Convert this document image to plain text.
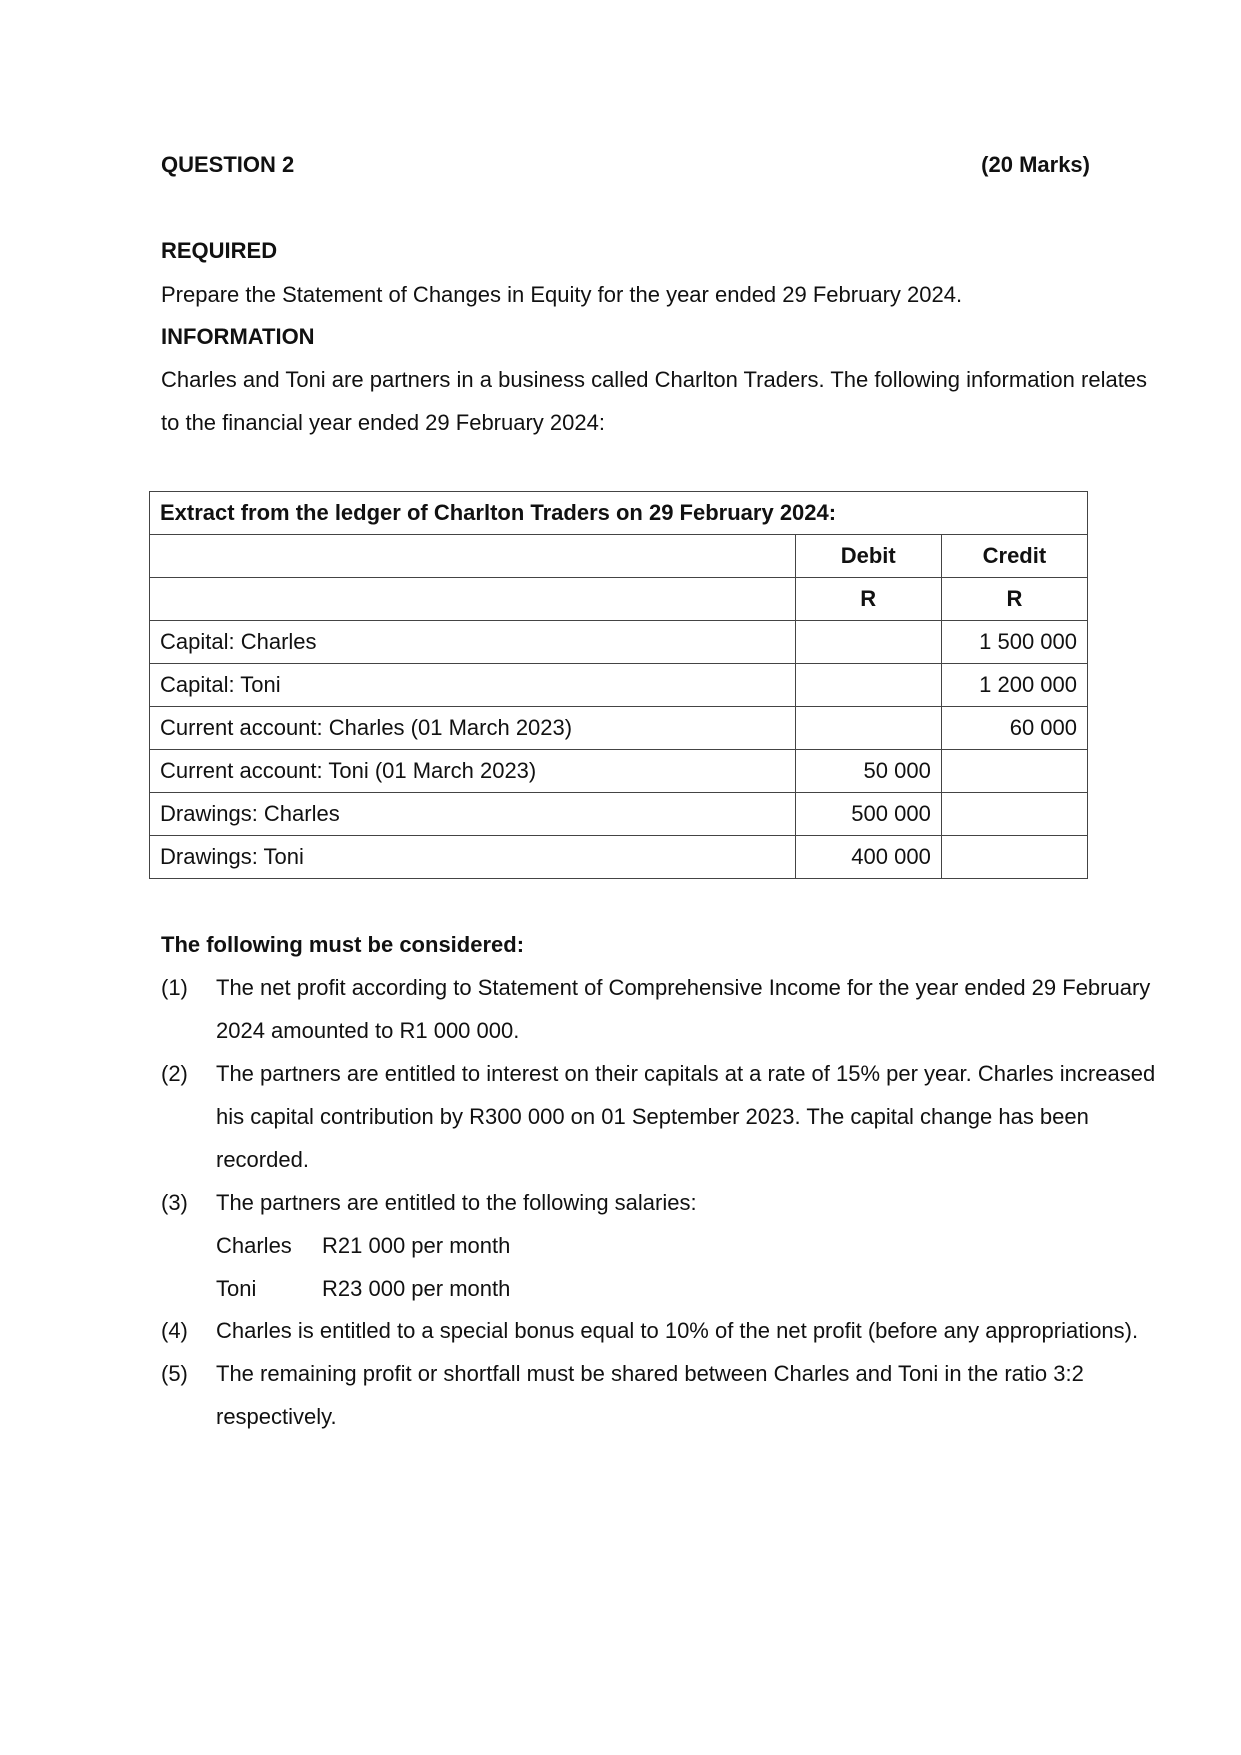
QUESTION 2	(20 Marks)
REQUIRED
Prepare the Statement of Changes in Equity for the year ended 29 February 2024.
INFORMATION
Charles and Toni are partners in a business called Charlton Traders. The following information relates
to the financial year ended 29 February 2024:
Extract from the ledger of Charlton Traders on 29 February 2024:		
	Debit	Credit
	R	R
Capital: Charles		1 500 000
Capital: Toni		1 200 000
Current account: Charles (01 March 2023)		60 000
Current account: Toni (01 March 2023)	50 000	
Drawings: Charles	500 000	
Drawings: Toni	400 000	
The following must be considered:
(1) The net profit according to Statement of Comprehensive Income for the year ended 29 February
2024 amounted to R1 000 000.
(2) The partners are entitled to interest on their capitals at a rate of 15% per year. Charles increased
his capital contribution by R300 000 on 01 September 2023. The capital change has been
recorded.
(3) The partners are entitled to the following salaries:
Charles R21 000 per month
Toni	R23 000 per month
(4) Charles is entitled to a special bonus equal to 10% of the net profit (before any appropriations).
(5) The remaining profit or shortfall must be shared between Charles and Toni in the ratio 3:2
respectively.
